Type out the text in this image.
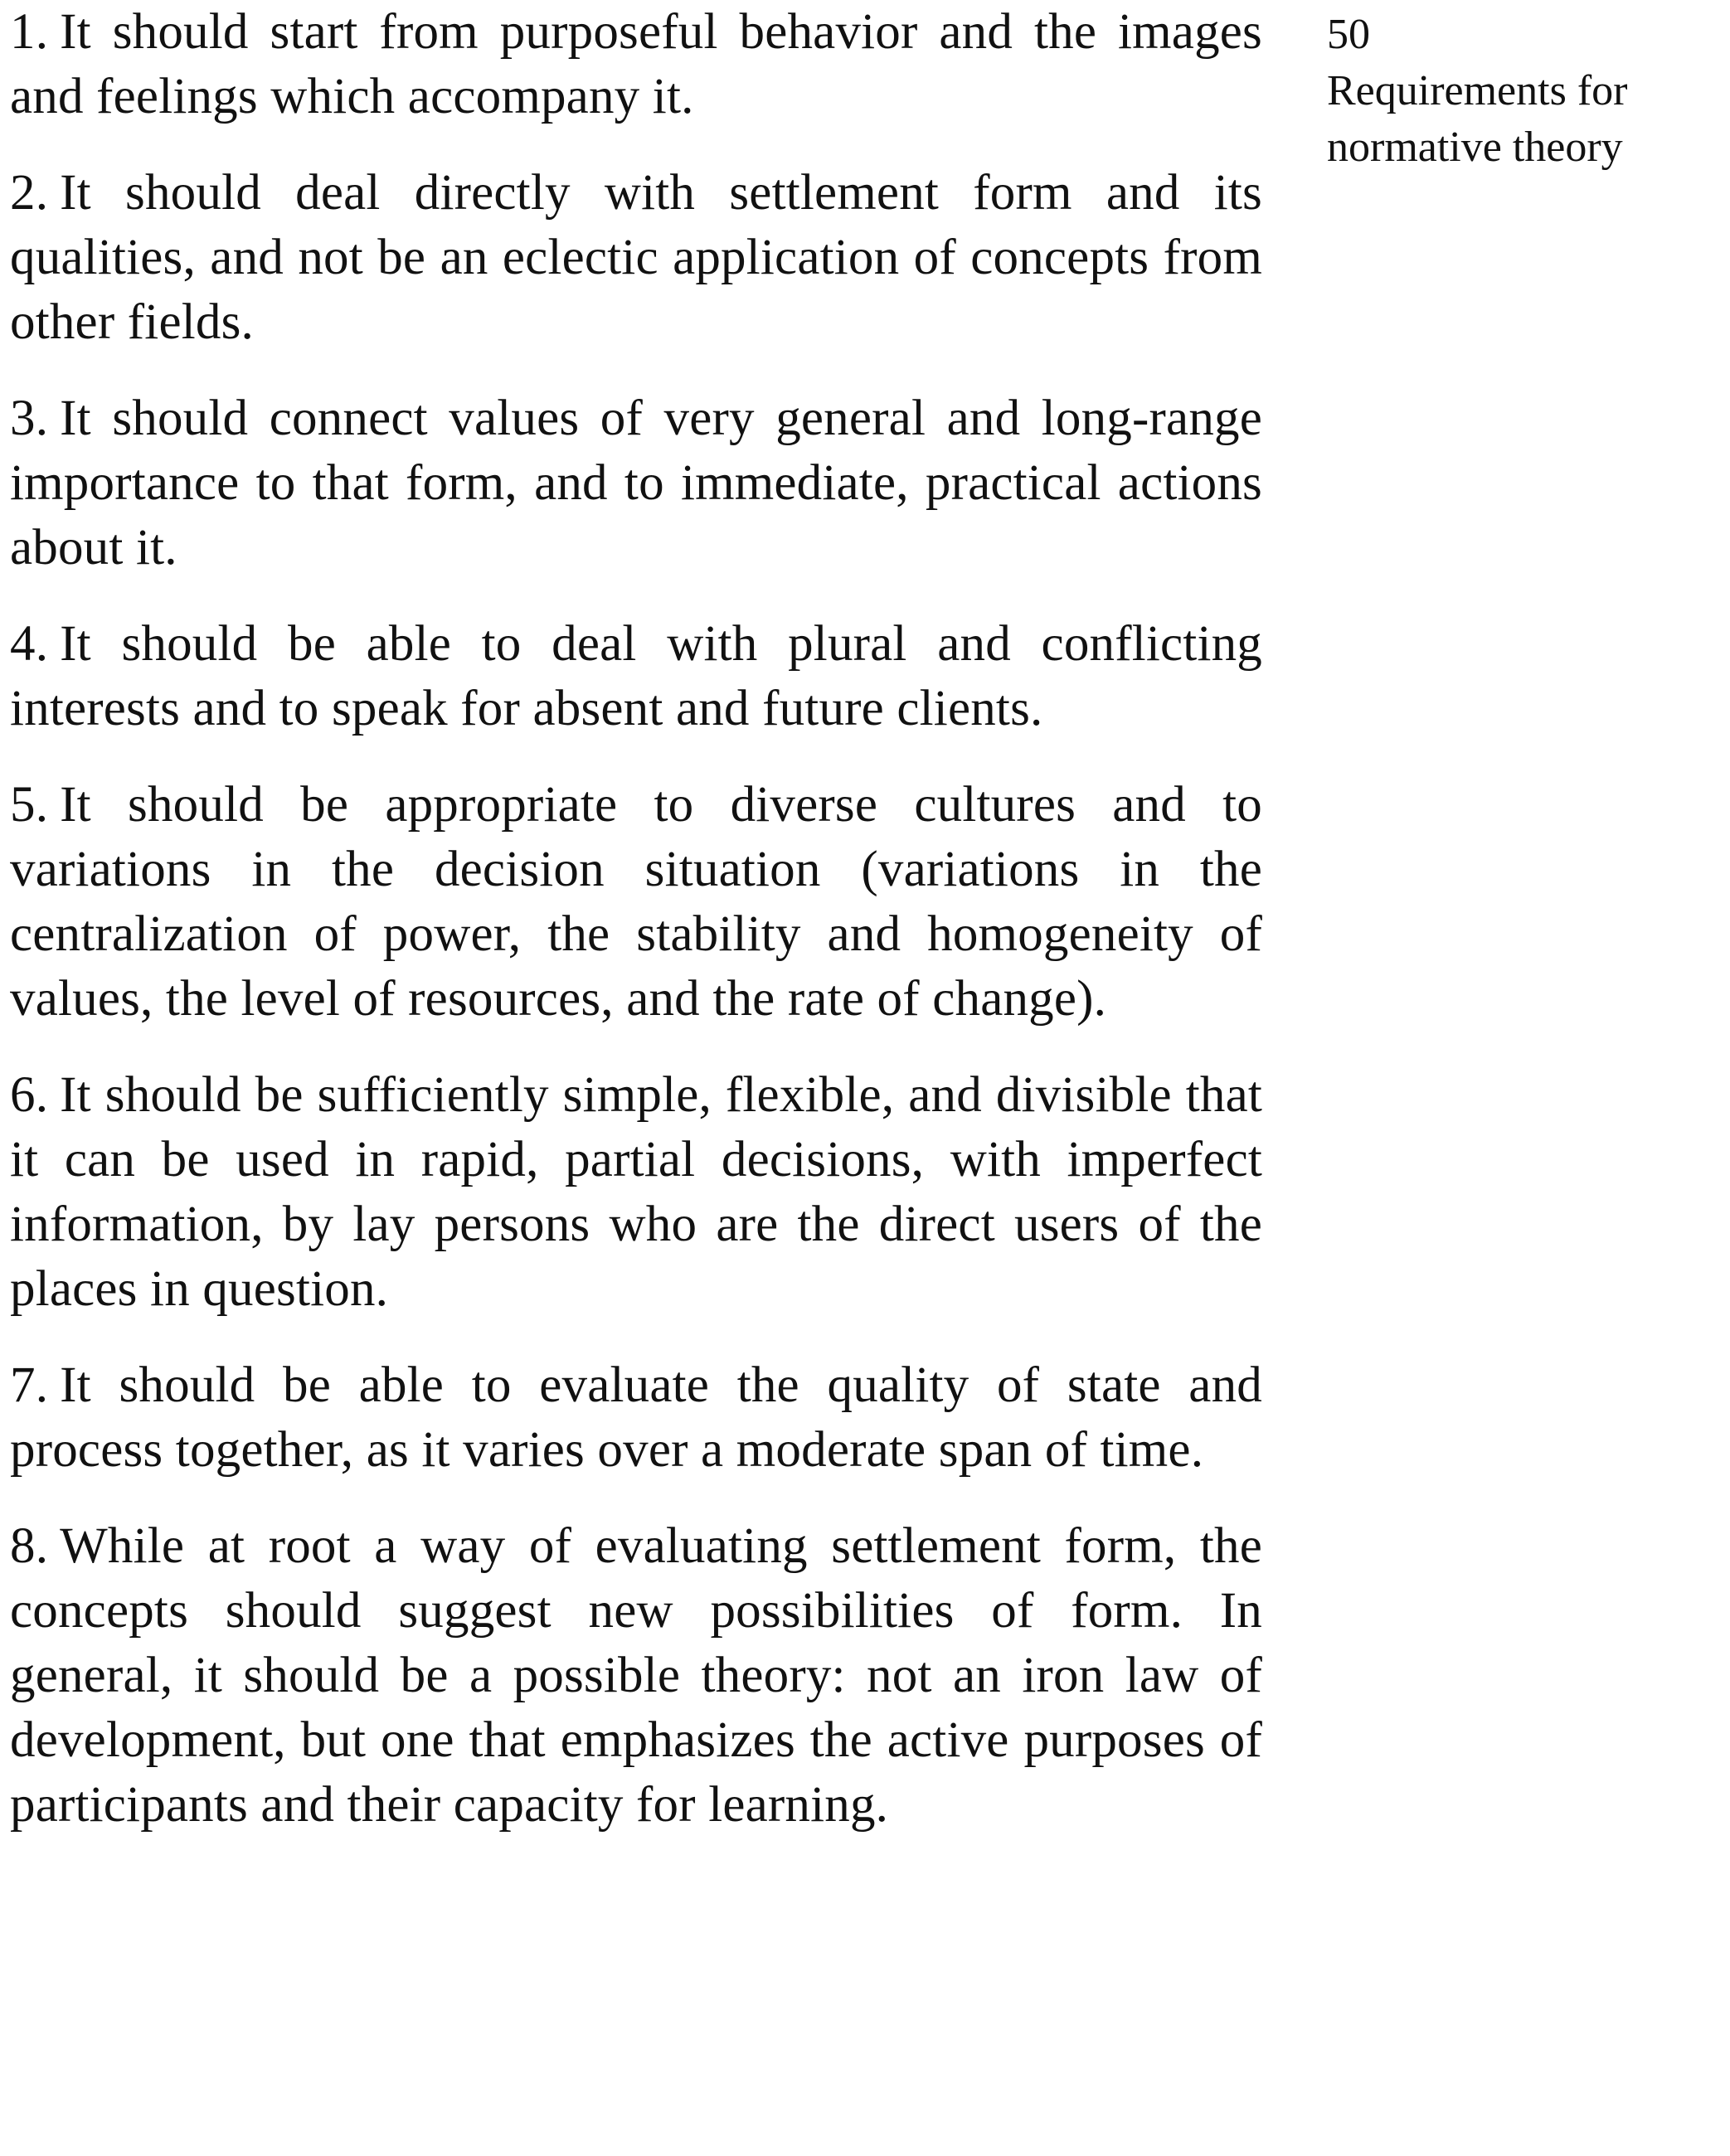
1. It should start from purposeful behavior and the images and feelings which accompany it.

2. It should deal directly with settlement form and its qualities, and not be an eclectic application of concepts from other fields.

3. It should connect values of very general and long-range importance to that form, and to immediate, practical actions about it.

4. It should be able to deal with plural and conflicting interests and to speak for absent and future clients.

5. It should be appropriate to diverse cultures and to variations in the decision situation (variations in the centralization of power, the stability and homogeneity of values, the level of resources, and the rate of change).

6. It should be sufficiently simple, flexible, and divisible that it can be used in rapid, partial decisions, with imperfect information, by lay persons who are the direct users of the places in question.

7. It should be able to evaluate the quality of state and process together, as it varies over a moderate span of time.

8. While at root a way of evaluating settlement form, the concepts should suggest new possibilities of form. In general, it should be a possible theory: not an iron law of development, but one that emphasizes the active purposes of participants and their capacity for learning.

50
Requirements for
normative theory
